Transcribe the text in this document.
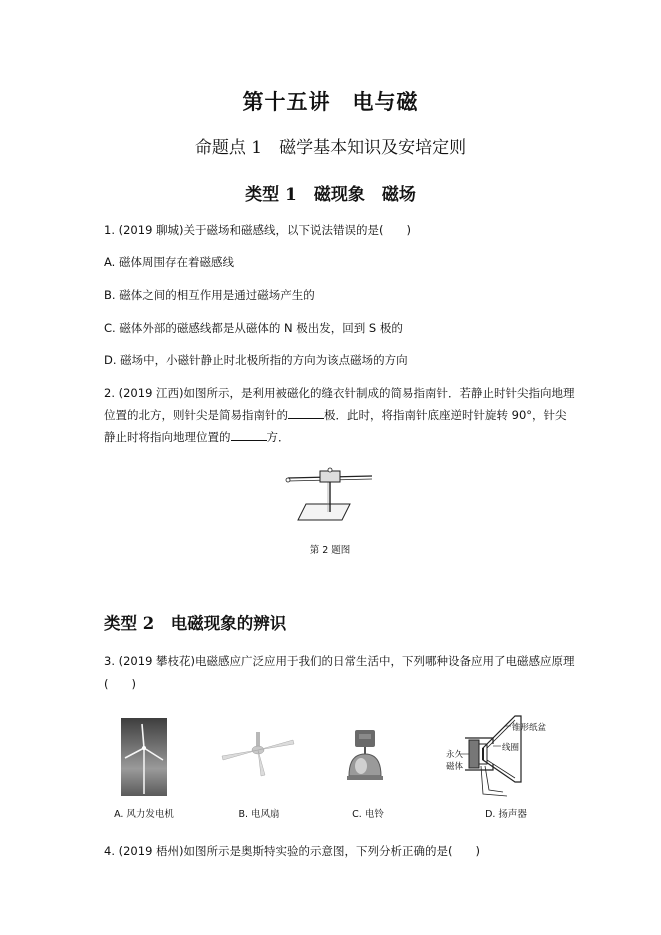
第十五讲　电与磁
命题点 1　磁学基本知识及安培定则
类型 1　磁现象　磁场
1. (2019 聊城)关于磁场和磁感线，以下说法错误的是(　　)
A. 磁体周围存在着磁感线
B. 磁体之间的相互作用是通过磁场产生的
C. 磁体外部的磁感线都是从磁体的 N 极出发，回到 S 极的
D. 磁场中，小磁针静止时北极所指的方向为该点磁场的方向
2. (2019 江西)如图所示，是利用被磁化的缝衣针制成的简易指南针．若静止时针尖指向地理
位置的北方，则针尖是简易指南针的	极．此时，将指南针底座逆时针旋转 90°，针尖
静止时将指向地理位置的	方．
第 2 题图
类型 2　电磁现象的辨识
3. (2019 攀枝花)电磁感应广泛应用于我们的日常生活中，下列哪种设备应用了电磁感应原理
(　　)
锥形纸盆
线圈
永久
磁体
A. 风力发电机	B. 电风扇	C. 电铃	D. 扬声器
4. (2019 梧州)如图所示是奥斯特实验的示意图，下列分析正确的是(　　)
